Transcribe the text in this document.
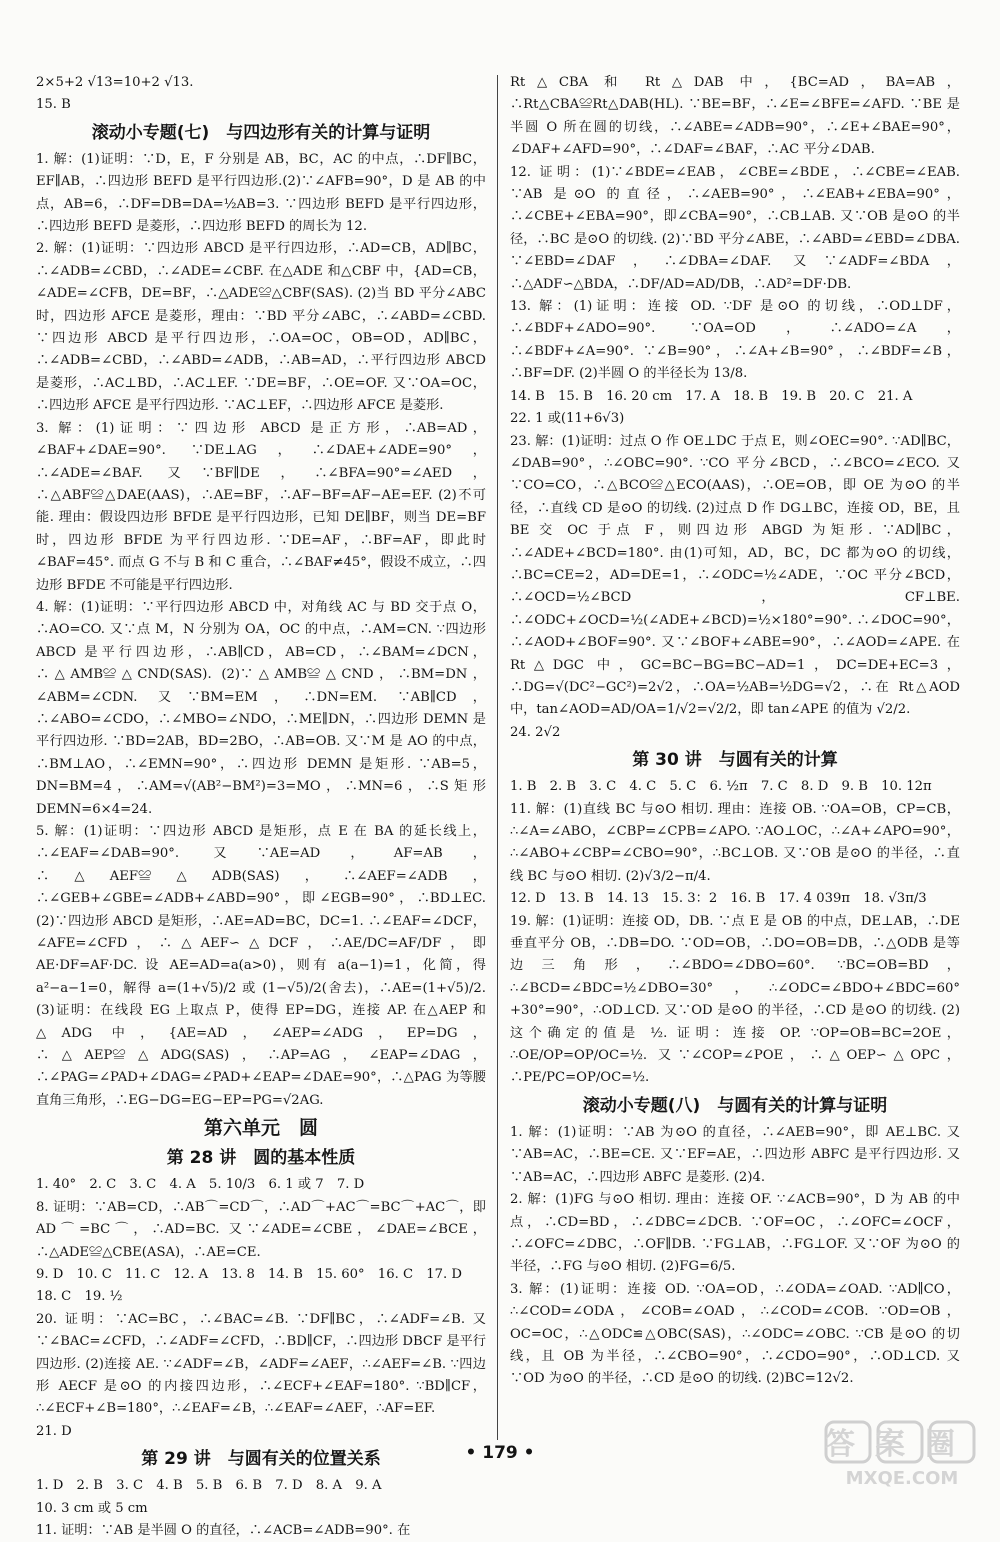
2×5+2 √13=10+2 √13.
15. B
滚动小专题(七)　与四边形有关的计算与证明
1. 解：(1)证明：∵D，E，F 分别是 AB，BC，AC 的中点，∴DF∥BC，EF∥AB，∴四边形 BEFD 是平行四边形.(2)∵∠AFB=90°，D 是 AB 的中点，AB=6，∴DF=DB=DA=½AB=3. ∵四边形 BEFD 是平行四边形，∴四边形 BEFD 是菱形，∴四边形 BEFD 的周长为 12.
2. 解：(1)证明：∵四边形 ABCD 是平行四边形，∴AD=CB，AD∥BC，∴∠ADB=∠CBD，∴∠ADE=∠CBF. 在△ADE 和△CBF 中，{AD=CB，∠ADE=∠CFB，DE=BF，∴△ADE≌△CBF(SAS). (2)当 BD 平分∠ABC 时，四边形 AFCE 是菱形，理由：∵BD 平分∠ABC，∴∠ABD=∠CBD. ∵四边形 ABCD 是平行四边形，∴OA=OC，OB=OD，AD∥BC，∴∠ADB=∠CBD，∴∠ABD=∠ADB，∴AB=AD，∴平行四边形 ABCD 是菱形，∴AC⊥BD，∴AC⊥EF. ∵DE=BF，∴OE=OF. 又∵OA=OC，∴四边形 AFCE 是平行四边形. ∵AC⊥EF，∴四边形 AFCE 是菱形.
3. 解：(1)证明：∵四边形 ABCD 是正方形，∴AB=AD，∠BAF+∠DAE=90°. ∵DE⊥AG，∴∠DAE+∠ADE=90°，∴∠ADE=∠BAF. 又∵BF∥DE，∴∠BFA=90°=∠AED，∴△ABF≌△DAE(AAS)，∴AE=BF，∴AF−BF=AF−AE=EF. (2)不可能. 理由：假设四边形 BFDE 是平行四边形，已知 DE∥BF，则当 DE=BF 时，四边形 BFDE 为平行四边形. ∵DE=AF，∴BF=AF，即此时∠BAF=45°. 而点 G 不与 B 和 C 重合，∴∠BAF≠45°，假设不成立，∴四边形 BFDE 不可能是平行四边形.
4. 解：(1)证明：∵平行四边形 ABCD 中，对角线 AC 与 BD 交于点 O，∴AO=CO. 又∵点 M，N 分别为 OA，OC 的中点，∴AM=CN. ∵四边形 ABCD 是平行四边形，∴AB∥CD，AB=CD，∴∠BAM=∠DCN，∴△AMB≌△CND(SAS). (2)∵△AMB≌△CND，∴BM=DN，∠ABM=∠CDN. 又∵BM=EM，∴DN=EM. ∵AB∥CD，∴∠ABO=∠CDO，∴∠MBO=∠NDO，∴ME∥DN，∴四边形 DEMN 是平行四边形. ∵BD=2AB，BD=2BO，∴AB=OB. 又∵M 是 AO 的中点，∴BM⊥AO，∴∠EMN=90°，∴四边形 DEMN 是矩形. ∵AB=5，DN=BM=4，∴AM=√(AB²−BM²)=3=MO，∴MN=6，∴S矩形DEMN=6×4=24.
5. 解：(1)证明：∵四边形 ABCD 是矩形，点 E 在 BA 的延长线上，∴∠EAF=∠DAB=90°. 又∵AE=AD，AF=AB，∴△AEF≌△ADB(SAS)，∴∠AEF=∠ADB，∴∠GEB+∠GBE=∠ADB+∠ABD=90°，即∠EGB=90°，∴BD⊥EC. (2)∵四边形 ABCD 是矩形，∴AE=AD=BC，DC=1. ∴∠EAF=∠DCF，∠AFE=∠CFD，∴△AEF∽△DCF，∴AE/DC=AF/DF，即 AE·DF=AF·DC. 设 AE=AD=a(a>0)，则有 a(a−1)=1，化简，得 a²−a−1=0，解得 a=(1+√5)/2 或 (1−√5)/2(舍去)，∴AE=(1+√5)/2. (3)证明：在线段 EG 上取点 P，使得 EP=DG，连接 AP. 在△AEP 和△ADG 中，{AE=AD，∠AEP=∠ADG，EP=DG，∴△AEP≌△ADG(SAS)，∴AP=AG，∠EAP=∠DAG，∴∠PAG=∠PAD+∠DAG=∠PAD+∠EAP=∠DAE=90°，∴△PAG 为等腰直角三角形，∴EG−DG=EG−EP=PG=√2AG.
第六单元　圆
第 28 讲　圆的基本性质
1. 40°　2. C　3. C　4. A　5. 10/3　6. 1 或 7　7. D
8. 证明：∵AB=CD，∴AB⌒=CD⌒，∴AD⌒+AC⌒=BC⌒+AC⌒，即 AD⌒=BC⌒，∴AD=BC. 又∵∠ADE=∠CBE，∠DAE=∠BCE，∴△ADE≌△CBE(ASA)，∴AE=CE.
9. D　10. C　11. C　12. A　13. 8　14. B　15. 60°　16. C　17. D
18. C　19. ½
20. 证明：∵AC=BC，∴∠BAC=∠B. ∵DF∥BC，∴∠ADF=∠B. 又∵∠BAC=∠CFD，∴∠ADF=∠CFD，∴BD∥CF，∴四边形 DBCF 是平行四边形. (2)连接 AE. ∵∠ADF=∠B，∠ADF=∠AEF，∴∠AEF=∠B. ∵四边形 AECF 是⊙O 的内接四边形，∴∠ECF+∠EAF=180°. ∵BD∥CF，∴∠ECF+∠B=180°，∴∠EAF=∠B，∴∠EAF=∠AEF，∴AF=EF.
21. D
第 29 讲　与圆有关的位置关系
1. D　2. B　3. C　4. B　5. B　6. B　7. D　8. A　9. A
10. 3 cm 或 5 cm
11. 证明：∵AB 是半圆 O 的直径，∴∠ACB=∠ADB=90°. 在
Rt△CBA 和 Rt△DAB 中，{BC=AD，BA=AB，∴Rt△CBA≌Rt△DAB(HL). ∵BE=BF，∴∠E=∠BFE=∠AFD. ∵BE 是半圆 O 所在圆的切线，∴∠ABE=∠ADB=90°，∴∠E+∠BAE=90°，∠DAF+∠AFD=90°，∴∠DAF=∠BAF，∴AC 平分∠DAB.
12. 证明：(1)∵∠BDE=∠EAB，∠CBE=∠BDE，∴∠CBE=∠EAB. ∵AB 是⊙O 的直径，∴∠AEB=90°，∴∠EAB+∠EBA=90°，∴∠CBE+∠EBA=90°，即∠CBA=90°，∴CB⊥AB. 又∵OB 是⊙O 的半径，∴BC 是⊙O 的切线. (2)∵BD 平分∠ABE，∴∠ABD=∠EBD=∠DBA. ∵∠EBD=∠DAF，∴∠DBA=∠DAF. 又∵∠ADF=∠BDA，∴△ADF∽△BDA，∴DF/AD=AD/DB，∴AD²=DF·DB.
13. 解：(1)证明：连接 OD. ∵DF 是⊙O 的切线，∴OD⊥DF，∴∠BDF+∠ADO=90°. ∵OA=OD，∴∠ADO=∠A，∴∠BDF+∠A=90°. ∵∠B=90°，∴∠A+∠B=90°，∴∠BDF=∠B，∴BF=DF. (2)半圆 O 的半径长为 13/8.
14. B　15. B　16. 20 cm　17. A　18. B　19. B　20. C　21. A
22. 1 或(11+6√3)
23. 解：(1)证明：过点 O 作 OE⊥DC 于点 E，则∠OEC=90°. ∵AD∥BC，∠DAB=90°，∴∠OBC=90°. ∵CO 平分∠BCD，∴∠BCO=∠ECO. 又∵CO=CO，∴△BCO≌△ECO(AAS)，∴OE=OB，即 OE 为⊙O 的半径，∴直线 CD 是⊙O 的切线. (2)过点 D 作 DG⊥BC，连接 OD，BE，且 BE 交 OC 于点 F，则四边形 ABGD 为矩形. ∵AD∥BC，∴∠ADE+∠BCD=180°. 由(1)可知，AD，BC，DC 都为⊙O 的切线，∴BC=CE=2，AD=DE=1，∴∠ODC=½∠ADE，∵OC 平分∠BCD，∴∠OCD=½∠BCD，CF⊥BE. ∴∠ODC+∠OCD=½(∠ADE+∠BCD)=½×180°=90°. ∴∠DOC=90°，∴∠AOD+∠BOF=90°. 又∵∠BOF+∠ABE=90°，∴∠AOD=∠APE. 在 Rt△DGC 中，GC=BC−BG=BC−AD=1，DC=DE+EC=3，∴DG=√(DC²−GC²)=2√2，∴OA=½AB=½DG=√2，∴在 Rt△AOD 中，tan∠AOD=AD/OA=1/√2=√2/2，即 tan∠APE 的值为 √2/2.
24. 2√2
第 30 讲　与圆有关的计算
1. B　2. B　3. C　4. C　5. C　6. ½π　7. C　8. D　9. B　10. 12π
11. 解：(1)直线 BC 与⊙O 相切. 理由：连接 OB. ∵OA=OB，CP=CB，∴∠A=∠ABO，∠CBP=∠CPB=∠APO. ∵AO⊥OC，∴∠A+∠APO=90°，∴∠ABO+∠CBP=∠CBO=90°，∴BC⊥OB. 又∵OB 是⊙O 的半径，∴直线 BC 与⊙O 相切. (2)√3/2−π/4.
12. D　13. B　14. 13　15. 3：2　16. B　17. 4 039π　18. √3π/3
19. 解：(1)证明：连接 OD，DB. ∵点 E 是 OB 的中点，DE⊥AB，∴DE 垂直平分 OB，∴DB=DO. ∵OD=OB，∴DO=OB=DB，∴△ODB 是等边三角形，∴∠BDO=∠DBO=60°. ∵BC=OB=BD，∴∠BCD=∠BDC=½∠DBO=30°，∴∠ODC=∠BDO+∠BDC=60°+30°=90°，∴OD⊥CD. 又∵OD 是⊙O 的半径，∴CD 是⊙O 的切线. (2)这个确定的值是 ½. 证明：连接 OP. ∵OP=OB=BC=2OE，∴OE/OP=OP/OC=½. 又∵∠COP=∠POE，∴△OEP∽△OPC，∴PE/PC=OP/OC=½.
滚动小专题(八)　与圆有关的计算与证明
1. 解：(1)证明：∵AB 为⊙O 的直径，∴∠AEB=90°，即 AE⊥BC. 又∵AB=AC，∴BE=CE. 又∵EF=AE，∴四边形 ABFC 是平行四边形. 又∵AB=AC，∴四边形 ABFC 是菱形. (2)4.
2. 解：(1)FG 与⊙O 相切. 理由：连接 OF. ∵∠ACB=90°，D 为 AB 的中点，∴CD=BD，∴∠DBC=∠DCB. ∵OF=OC，∴∠OFC=∠OCF，∴∠OFC=∠DBC，∴OF∥DB. ∵FG⊥AB，∴FG⊥OF. 又∵OF 为⊙O 的半径，∴FG 与⊙O 相切. (2)FG=6/5.
3. 解：(1)证明：连接 OD. ∵OA=OD，∴∠ODA=∠OAD. ∵AD∥CO，∴∠COD=∠ODA，∠COB=∠OAD，∴∠COD=∠COB. ∵OD=OB，OC=OC，∴△ODC≌△OBC(SAS)，∴∠ODC=∠OBC. ∵CB 是⊙O 的切线，且 OB 为半径，∴∠CBO=90°，∴∠CDO=90°，∴OD⊥CD. 又∵OD 为⊙O 的半径，∴CD 是⊙O 的切线. (2)BC=12√2.
• 179 •	答案圈
MXQE.COM
